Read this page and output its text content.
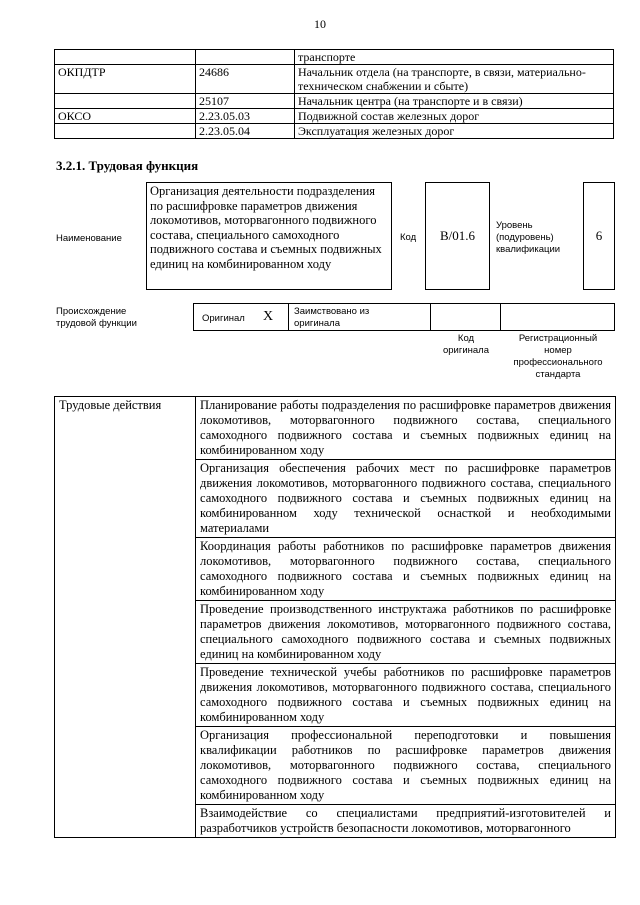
10
		транспорте
ОКПДТР	24686	Начальник отдела (на транспорте, в связи, материально-техническом снабжении и сбыте)
	25107	Начальник центра (на транспорте и в связи)
ОКСО	2.23.05.03	Подвижной состав железных дорог
	2.23.05.04	Эксплуатация железных дорог
3.2.1. Трудовая функция
Наименование
Организация деятельности подразделения по расшифровке параметров движения локомотивов, моторвагонного подвижного состава, специального самоходного подвижного состава и съемных подвижных единиц на комбинированном ходу
Код B/01.6
Уровень (подуровень) квалификации
6
Происхождение трудовой функции	Оригинал X Заимствовано из оригинала
Код оригинала
Регистрационный номер профессионального стандарта
Трудовые действия	Планирование работы подразделения по расшифровке параметров движения локомотивов, моторвагонного подвижного состава, специального самоходного подвижного состава и съемных подвижных единиц на комбинированном ходу
Организация обеспечения рабочих мест по расшифровке параметров движения локомотивов, моторвагонного подвижного состава, специального самоходного подвижного состава и съемных подвижных единиц на комбинированном ходу технической оснасткой и необходимыми материалами
Координация работы работников по расшифровке параметров движения локомотивов, моторвагонного подвижного состава, специального самоходного подвижного состава и съемных подвижных единиц на комбинированном ходу
Проведение производственного инструктажа работников по расшифровке параметров движения локомотивов, моторвагонного подвижного состава, специального самоходного подвижного состава и съемных подвижных единиц на комбинированном ходу
Проведение технической учебы работников по расшифровке параметров движения локомотивов, моторвагонного подвижного состава, специального самоходного подвижного состава и съемных подвижных единиц на комбинированном ходу
Организация профессиональной переподготовки и повышения квалификации работников по расшифровке параметров движения локомотивов, моторвагонного подвижного состава, специального самоходного подвижного состава и съемных подвижных единиц на комбинированном ходу
Взаимодействие со специалистами предприятий-изготовителей и разработчиков устройств безопасности локомотивов, моторвагонного
